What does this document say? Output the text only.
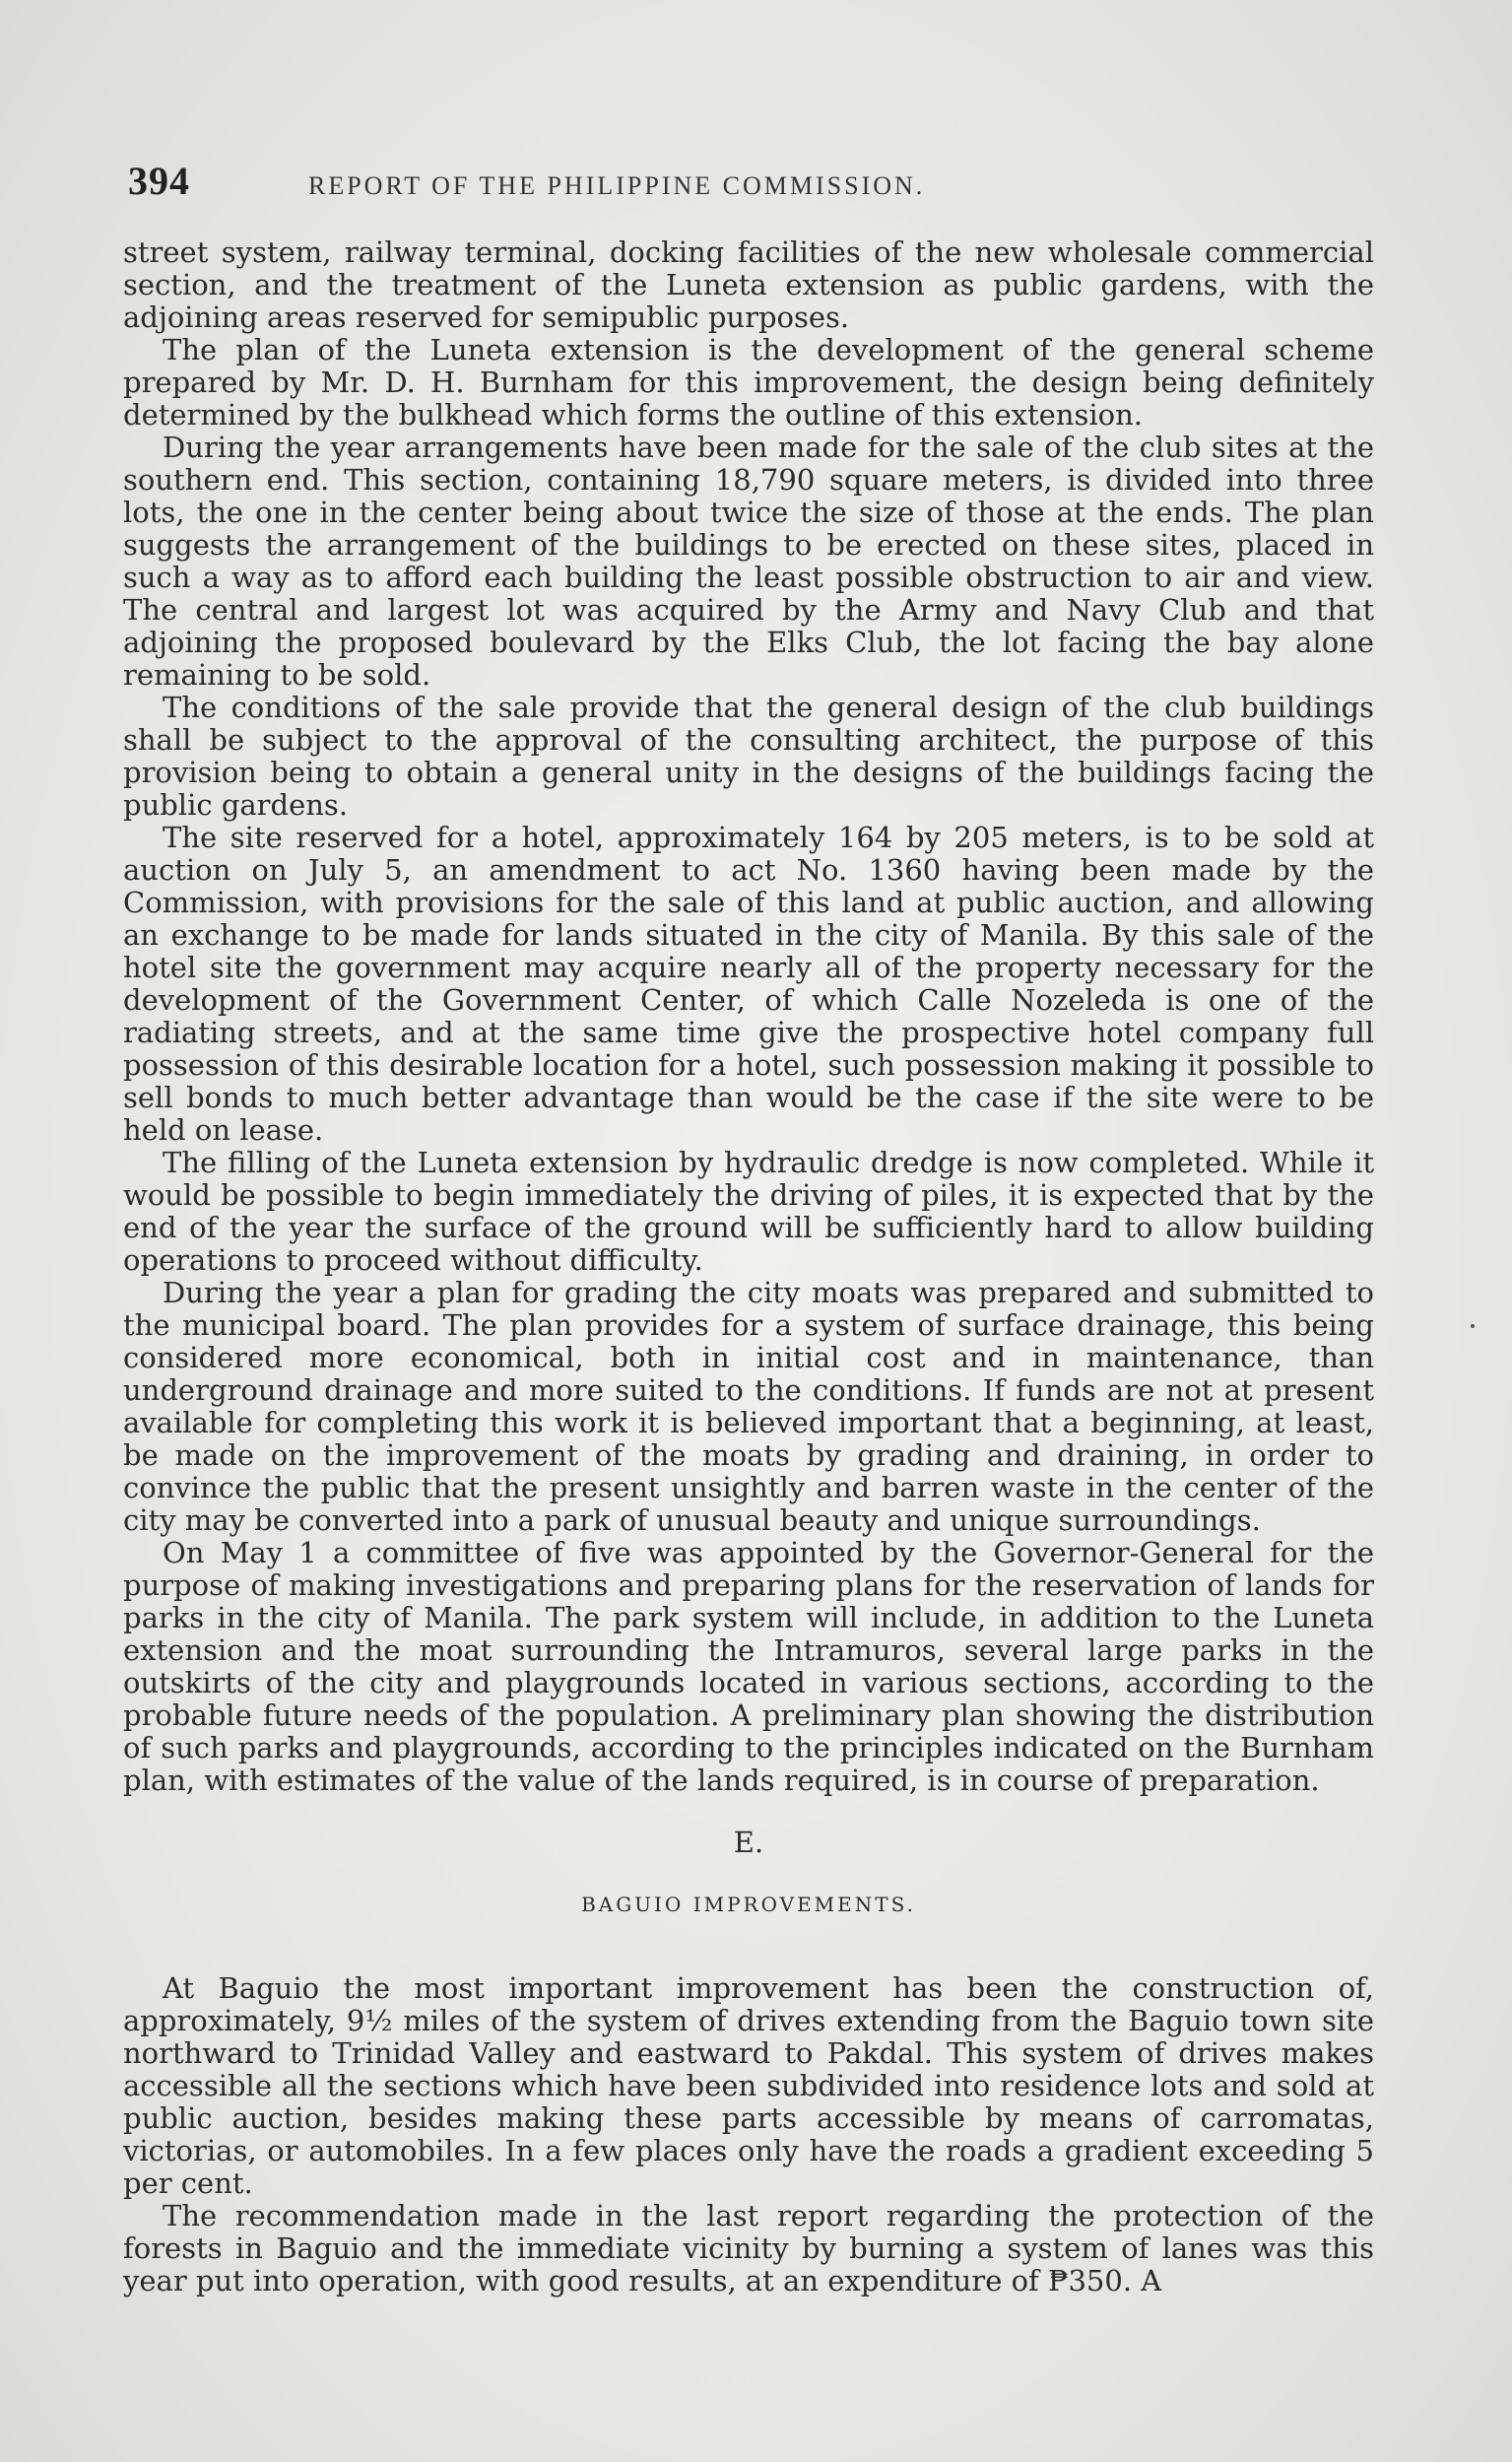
394	REPORT OF THE PHILIPPINE COMMISSION.

street system, railway terminal, docking facilities of the new wholesale commercial section, and the treatment of the Luneta extension as public gardens, with the adjoining areas reserved for semipublic purposes.

The plan of the Luneta extension is the development of the general scheme prepared by Mr. D. H. Burnham for this improvement, the design being definitely determined by the bulkhead which forms the outline of this extension.

During the year arrangements have been made for the sale of the club sites at the southern end. This section, containing 18,790 square meters, is divided into three lots, the one in the center being about twice the size of those at the ends. The plan suggests the arrangement of the buildings to be erected on these sites, placed in such a way as to afford each building the least possible obstruction to air and view. The central and largest lot was acquired by the Army and Navy Club and that adjoining the proposed boulevard by the Elks Club, the lot facing the bay alone remaining to be sold.

The conditions of the sale provide that the general design of the club buildings shall be subject to the approval of the consulting architect, the purpose of this provision being to obtain a general unity in the designs of the buildings facing the public gardens.

The site reserved for a hotel, approximately 164 by 205 meters, is to be sold at auction on July 5, an amendment to act No. 1360 having been made by the Commission, with provisions for the sale of this land at public auction, and allowing an exchange to be made for lands situated in the city of Manila. By this sale of the hotel site the government may acquire nearly all of the property necessary for the development of the Government Center, of which Calle Nozeleda is one of the radiating streets, and at the same time give the prospective hotel company full possession of this desirable location for a hotel, such possession making it possible to sell bonds to much better advantage than would be the case if the site were to be held on lease.

The filling of the Luneta extension by hydraulic dredge is now completed. While it would be possible to begin immediately the driving of piles, it is expected that by the end of the year the surface of the ground will be sufficiently hard to allow building operations to proceed without difficulty.

During the year a plan for grading the city moats was prepared and submitted to the municipal board. The plan provides for a system of surface drainage, this being considered more economical, both in initial cost and in maintenance, than underground drainage and more suited to the conditions. If funds are not at present available for completing this work it is believed important that a beginning, at least, be made on the improvement of the moats by grading and draining, in order to convince the public that the present unsightly and barren waste in the center of the city may be converted into a park of unusual beauty and unique surroundings.

On May 1 a committee of five was appointed by the Governor-General for the purpose of making investigations and preparing plans for the reservation of lands for parks in the city of Manila. The park system will include, in addition to the Luneta extension and the moat surrounding the Intramuros, several large parks in the outskirts of the city and playgrounds located in various sections, according to the probable future needs of the population. A preliminary plan showing the distribution of such parks and playgrounds, according to the principles indicated on the Burnham plan, with estimates of the value of the lands required, is in course of preparation.

E.
BAGUIO IMPROVEMENTS.

At Baguio the most important improvement has been the construction of, approximately, 9½ miles of the system of drives extending from the Baguio town site northward to Trinidad Valley and eastward to Pakdal. This system of drives makes accessible all the sections which have been subdivided into residence lots and sold at public auction, besides making these parts accessible by means of carromatas, victorias, or automobiles. In a few places only have the roads a gradient exceeding 5 per cent.

The recommendation made in the last report regarding the protection of the forests in Baguio and the immediate vicinity by burning a system of lanes was this year put into operation, with good results, at an expenditure of ₱350. A
